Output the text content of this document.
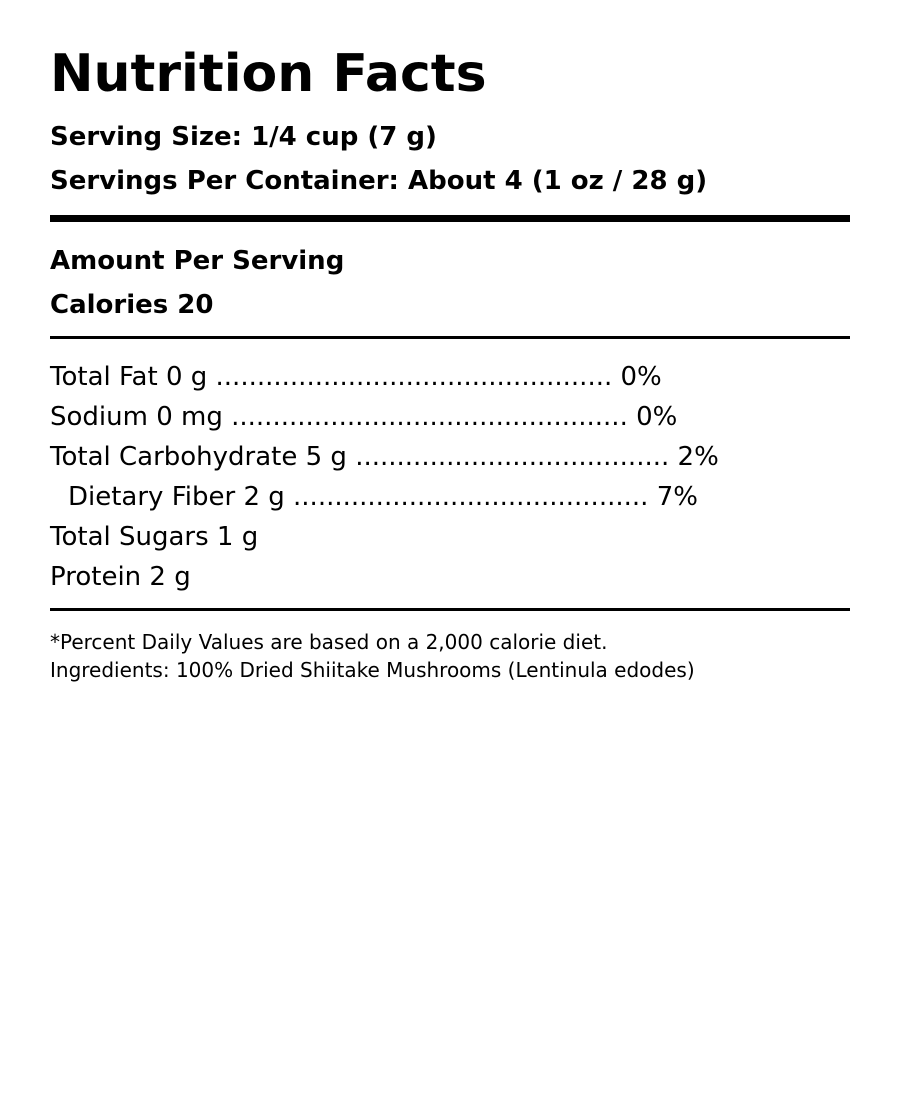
Nutrition Facts

Serving Size: 1/4 cup (7 g)

Servings Per Container: About 4 (1 oz / 28 g)

Amount Per Serving

Calories 20

Total Fat 0 g ................................................ 0%
Sodium 0 mg ................................................ 0%
Total Carbohydrate 5 g ...................................... 2%
Dietary Fiber 2 g ........................................... 7%
Total Sugars 1 g
Protein 2 g

*Percent Daily Values are based on a 2,000 calorie diet.

Ingredients: 100% Dried Shiitake Mushrooms (Lentinula edodes)
